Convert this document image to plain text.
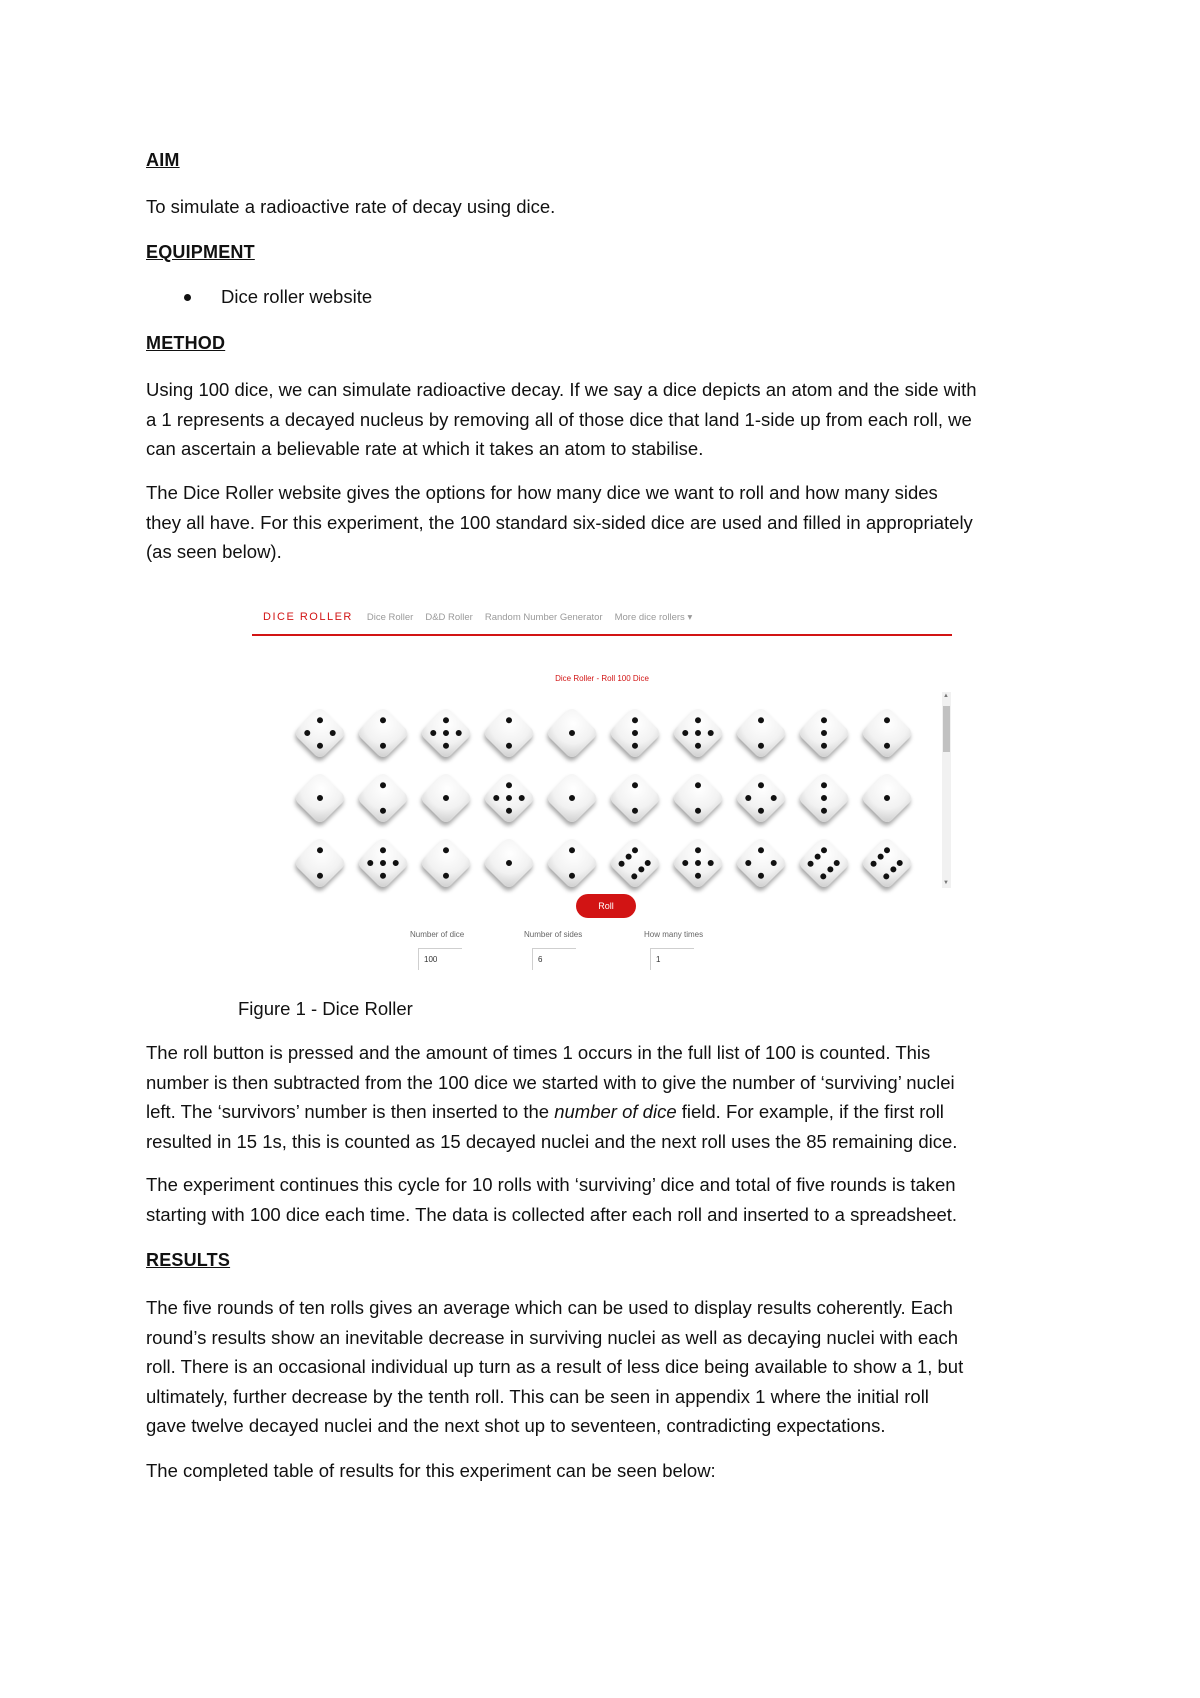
AIM

To simulate a radioactive rate of decay using dice.

EQUIPMENT
Dice roller website
METHOD
Using 100 dice, we can simulate radioactive decay. If we say a dice depicts an atom and the side with
a 1 represents a decayed nucleus by removing all of those dice that land 1-side up from each roll, we
can ascertain a believable rate at which it takes an atom to stabilise.
The Dice Roller website gives the options for how many dice we want to roll and how many sides
they all have. For this experiment, the 100 standard six-sided dice are used and filled in appropriately
(as seen below).
Figure 1 - Dice Roller
The roll button is pressed and the amount of times 1 occurs in the full list of 100 is counted. This
number is then subtracted from the 100 dice we started with to give the number of ‘surviving’ nuclei
left. The ‘survivors’ number is then inserted to the number of dice field. For example, if the first roll
resulted in 15 1s, this is counted as 15 decayed nuclei and the next roll uses the 85 remaining dice.
The experiment continues this cycle for 10 rolls with ‘surviving’ dice and total of five rounds is taken
starting with 100 dice each time. The data is collected after each roll and inserted to a spreadsheet.
RESULTS
The five rounds of ten rolls gives an average which can be used to display results coherently. Each
round’s results show an inevitable decrease in surviving nuclei as well as decaying nuclei with each
roll. There is an occasional individual up turn as a result of less dice being available to show a 1, but
ultimately, further decrease by the tenth roll. This can be seen in appendix 1 where the initial roll
gave twelve decayed nuclei and the next shot up to seventeen, contradicting expectations.

The completed table of results for this experiment can be seen below:

DICE ROLLER Dice Roller D&D Roller Random Number Generator More dice rollers ▾
Dice Roller - Roll 100 Dice
▲
▼
Roll
Number of dice
100	Number of sides
6	How many times
1
